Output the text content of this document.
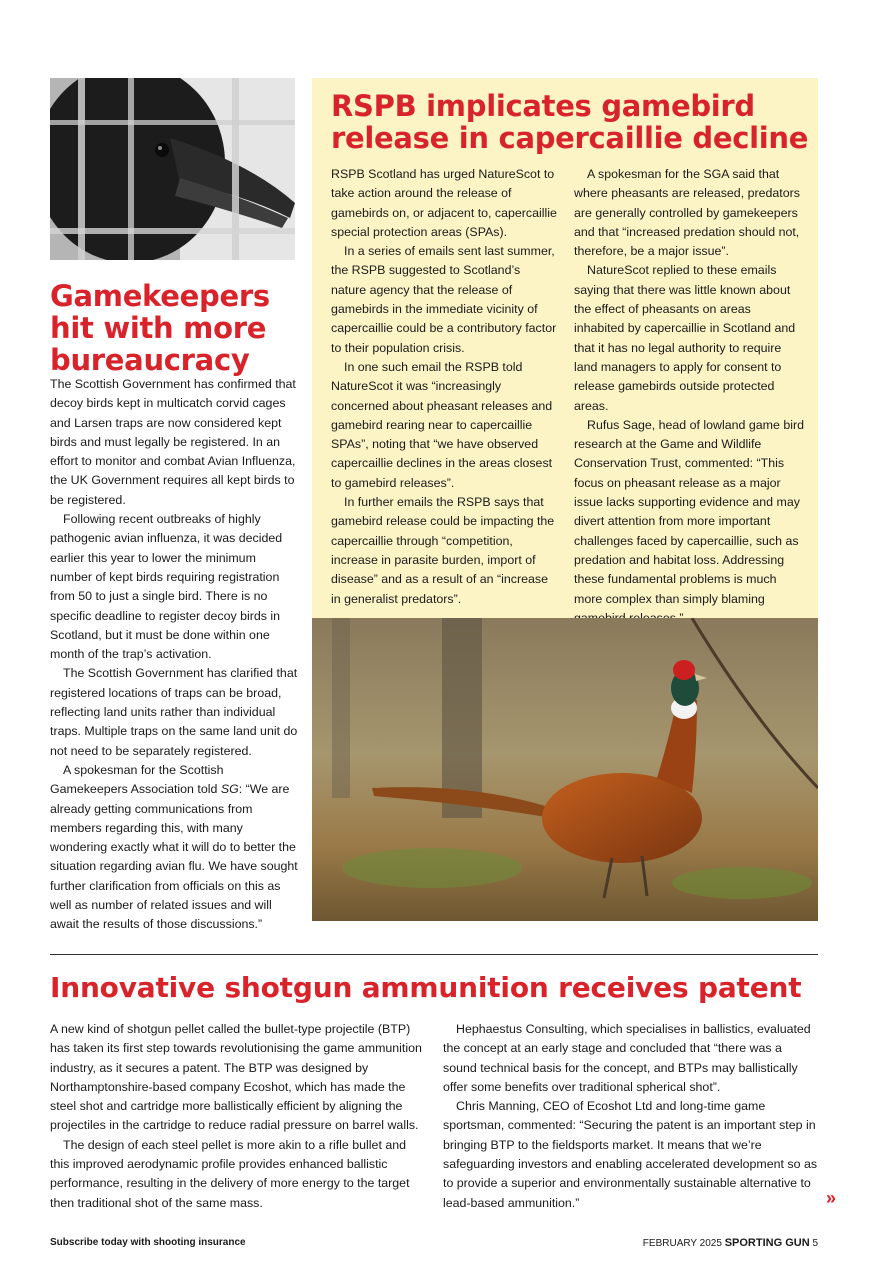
Gamekeepers hit with more bureaucracy

The Scottish Government has confirmed that decoy birds kept in multicatch corvid cages and Larsen traps are now considered kept birds and must legally be registered. In an effort to monitor and combat Avian Influenza, the UK Government requires all kept birds to be registered.

Following recent outbreaks of highly pathogenic avian influenza, it was decided earlier this year to lower the minimum number of kept birds requiring registration from 50 to just a single bird. There is no specific deadline to register decoy birds in Scotland, but it must be done within one month of the trap’s activation.

The Scottish Government has clarified that registered locations of traps can be broad, reflecting land units rather than individual traps. Multiple traps on the same land unit do not need to be separately registered.

A spokesman for the Scottish Gamekeepers Association told SG: “We are already getting communications from members regarding this, with many wondering exactly what it will do to better the situation regarding avian flu. We have sought further clarification from officials on this as well as number of related issues and will await the results of those discussions.”

RSPB implicates gamebird release in capercaillie decline

RSPB Scotland has urged NatureScot to take action around the release of gamebirds on, or adjacent to, capercaillie special protection areas (SPAs).

In a series of emails sent last summer, the RSPB suggested to Scotland’s nature agency that the release of gamebirds in the immediate vicinity of capercaillie could be a contributory factor to their population crisis.

In one such email the RSPB told NatureScot it was “increasingly concerned about pheasant releases and gamebird rearing near to capercaillie SPAs”, noting that “we have observed capercaillie declines in the areas closest to gamebird releases”.

In further emails the RSPB says that gamebird release could be impacting the capercaillie through “competition, increase in parasite burden, import of disease” and as a result of an “increase in generalist predators”.

A spokesman for the SGA said that where pheasants are released, predators are generally controlled by gamekeepers and that “increased predation should not, therefore, be a major issue”.

NatureScot replied to these emails saying that there was little known about the effect of pheasants on areas inhabited by capercaillie in Scotland and that it has no legal authority to require land managers to apply for consent to release gamebirds outside protected areas.

Rufus Sage, head of lowland game bird research at the Game and Wildlife Conservation Trust, commented: “This focus on pheasant release as a major issue lacks supporting evidence and may divert attention from more important challenges faced by capercaillie, such as predation and habitat loss. Addressing these fundamental problems is much more complex than simply blaming

Innovative shotgun ammunition receives patent

A new kind of shotgun pellet called the bullet-type projectile (BTP) has taken its first step towards revolutionising the game ammunition industry, as it secures a patent. The BTP was designed by Northamptonshire-based company Ecoshot, which has made the steel shot and cartridge more ballistically efficient by aligning the projectiles in the cartridge to reduce radial pressure on barrel walls.

The design of each steel pellet is more akin to a rifle bullet and this improved aerodynamic profile provides enhanced ballistic performance, resulting in the delivery of more energy to the target then traditional shot of the same mass.

Hephaestus Consulting, which specialises in ballistics, evaluated the concept at an early stage and concluded that “there was a sound technical basis for the concept, and BTPs may ballistically offer some benefits over traditional spherical shot”.

Chris Manning, CEO of Ecoshot Ltd and long-time game sportsman, commented: “Securing the patent is an important step in bringing BTP to the fieldsports market. It means that we’re safeguarding investors and enabling accelerated development so as to provide a superior and environmentally sustainable alternative to lead-based ammunition.”	»
Subscribe today with shooting insurance	FEBRUARY 2025 SPORTING GUN 5
